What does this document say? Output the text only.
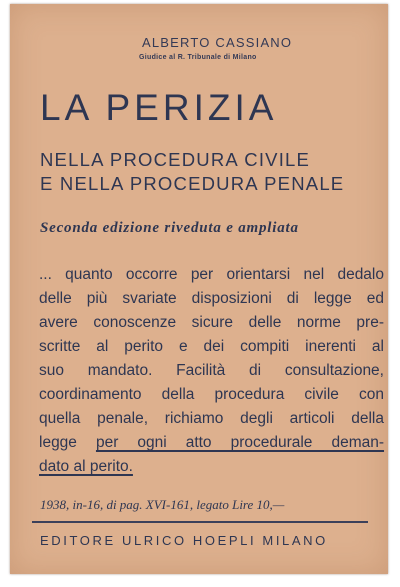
ALBERTO CASSIANO
Giudice al R. Tribunale di Milano
LA PERIZIA
NELLA PROCEDURA CIVILE
E NELLA PROCEDURA PENALE
Seconda edizione riveduta e ampliata
... quanto occorre per orientarsi nel dedalo
delle più svariate disposizioni di legge ed
avere conoscenze sicure delle norme pre-
scritte al perito e dei compiti inerenti al
suo mandato. Facilità di consultazione,
coordinamento della procedura civile con
quella penale, richiamo degli articoli della
legge per ogni atto procedurale deman-
dato al perito.
1938, in-16, di pag. XVI-161, legato Lire 10,—
EDITORE ULRICO HOEPLI MILANO
